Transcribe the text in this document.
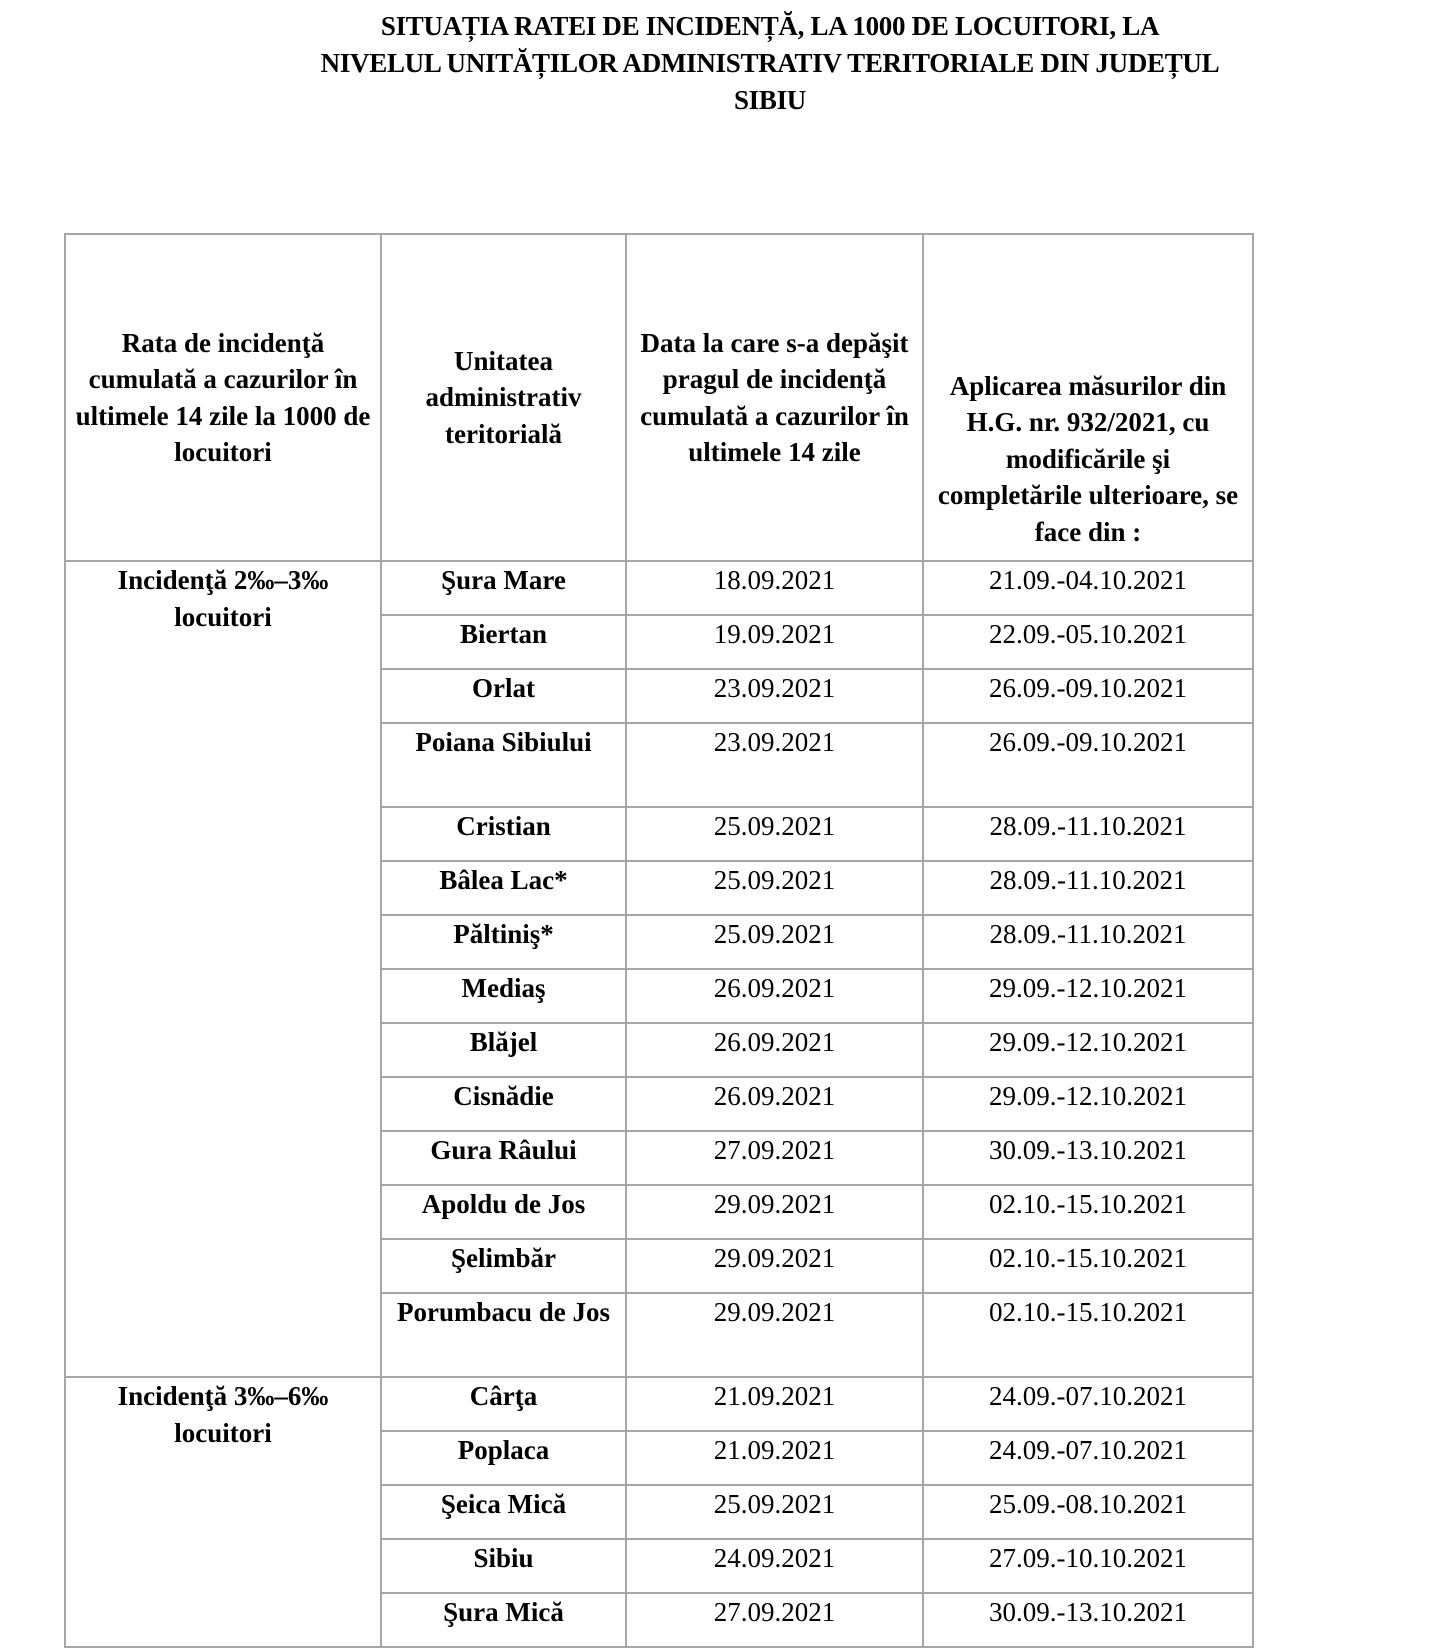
SITUAȚIA RATEI DE INCIDENȚĂ, LA 1000 DE LOCUITORI, LA
NIVELUL UNITĂȚILOR ADMINISTRATIV TERITORIALE DIN JUDEȚUL
SIBIU
Rata de incidenţă cumulată a cazurilor în ultimele 14 zile la 1000 de locuitori	Unitatea administrativ teritorială	Data la care s-a depăşit pragul de incidenţă cumulată a cazurilor în ultimele 14 zile	Aplicarea măsurilor din H.G. nr. 932/2021, cu modificările şi completările ulterioare, se face din :
Incidenţă 2‰–3‰ locuitori	Şura Mare	18.09.2021	21.09.-04.10.2021
	Biertan	19.09.2021	22.09.-05.10.2021
	Orlat	23.09.2021	26.09.-09.10.2021
	Poiana Sibiului	23.09.2021	26.09.-09.10.2021
	Cristian	25.09.2021	28.09.-11.10.2021
	Bâlea Lac*	25.09.2021	28.09.-11.10.2021
	Păltiniş*	25.09.2021	28.09.-11.10.2021
	Mediaş	26.09.2021	29.09.-12.10.2021
	Blăjel	26.09.2021	29.09.-12.10.2021
	Cisnădie	26.09.2021	29.09.-12.10.2021
	Gura Râului	27.09.2021	30.09.-13.10.2021
	Apoldu de Jos	29.09.2021	02.10.-15.10.2021
	Şelimbăr	29.09.2021	02.10.-15.10.2021
	Porumbacu de Jos	29.09.2021	02.10.-15.10.2021
Incidenţă 3‰–6‰ locuitori	Cârţa	21.09.2021	24.09.-07.10.2021
	Poplaca	21.09.2021	24.09.-07.10.2021
	Şeica Mică	25.09.2021	25.09.-08.10.2021
	Sibiu	24.09.2021	27.09.-10.10.2021
	Şura Mică	27.09.2021	30.09.-13.10.2021
